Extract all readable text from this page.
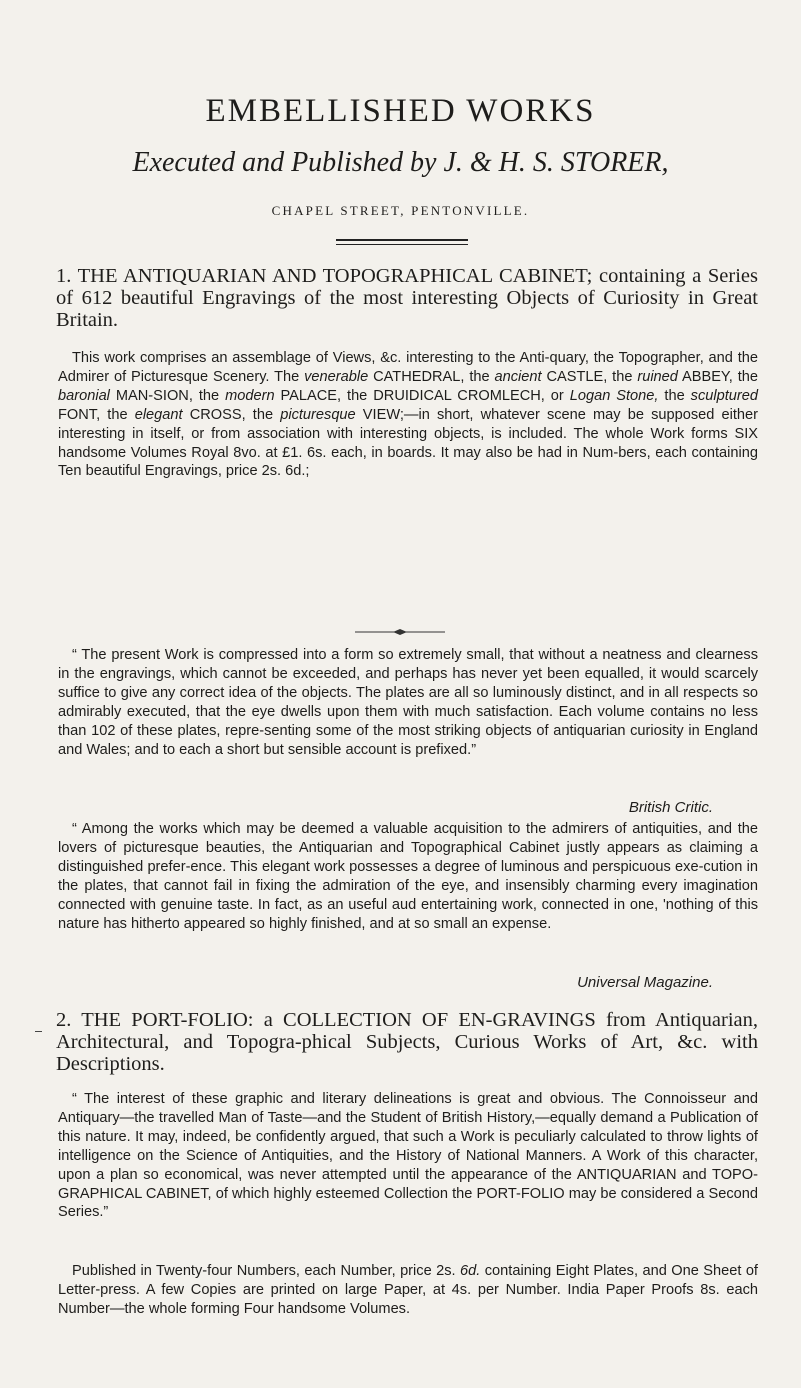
EMBELLISHED WORKS
Executed and Published by J. & H. S. STORER,
CHAPEL STREET, PENTONVILLE.
1. THE ANTIQUARIAN AND TOPOGRAPHICAL CABINET; containing a Series of 612 beautiful Engravings of the most interesting Objects of Curiosity in Great Britain.

This work comprises an assemblage of Views, &c. interesting to the Anti-quary, the Topographer, and the Admirer of Picturesque Scenery. The venerable CATHEDRAL, the ancient CASTLE, the ruined ABBEY, the baronial MAN-SION, the modern PALACE, the DRUIDICAL CROMLECH, or Logan Stone, the sculptured FONT, the elegant CROSS, the picturesque VIEW;—in short, whatever scene may be supposed either interesting in itself, or from association with interesting objects, is included. The whole Work forms SIX handsome Volumes Royal 8vo. at £1. 6s. each, in boards. It may also be had in Num-bers, each containing Ten beautiful Engravings, price 2s. 6d.;

“ The present Work is compressed into a form so extremely small, that without a neatness and clearness in the engravings, which cannot be exceeded, and perhaps has never yet been equalled, it would scarcely suffice to give any correct idea of the objects. The plates are all so luminously distinct, and in all respects so admirably executed, that the eye dwells upon them with much satisfaction. Each volume contains no less than 102 of these plates, repre-senting some of the most striking objects of antiquarian curiosity in England and Wales; and to each a short but sensible account is prefixed.”

British Critic.

“ Among the works which may be deemed a valuable acquisition to the admirers of antiquities, and the lovers of picturesque beauties, the Antiquarian and Topographical Cabinet justly appears as claiming a distinguished prefer-ence. This elegant work possesses a degree of luminous and perspicuous exe-cution in the plates, that cannot fail in fixing the admiration of the eye, and insensibly charming every imagination connected with genuine taste. In fact, as an useful aud entertaining work, connected in one, 'nothing of this nature has hitherto appeared so highly finished, and at so small an expense.

Universal Magazine.
2. THE PORT-FOLIO: a COLLECTION OF EN-GRAVINGS from Antiquarian, Architectural, and Topogra-phical Subjects, Curious Works of Art, &c. with Descriptions.

“ The interest of these graphic and literary delineations is great and obvious. The Connoisseur and Antiquary—the travelled Man of Taste—and the Student of British History,—equally demand a Publication of this nature. It may, indeed, be confidently argued, that such a Work is peculiarly calculated to throw lights of intelligence on the Science of Antiquities, and the History of National Manners. A Work of this character, upon a plan so economical, was never attempted until the appearance of the ANTIQUARIAN and TOPO-GRAPHICAL CABINET, of which highly esteemed Collection the PORT-FOLIO may be considered a Second Series.”

Published in Twenty-four Numbers, each Number, price 2s. 6d. containing Eight Plates, and One Sheet of Letter-press. A few Copies are printed on large Paper, at 4s. per Number. India Paper Proofs 8s. each Number—the whole forming Four handsome Volumes.
